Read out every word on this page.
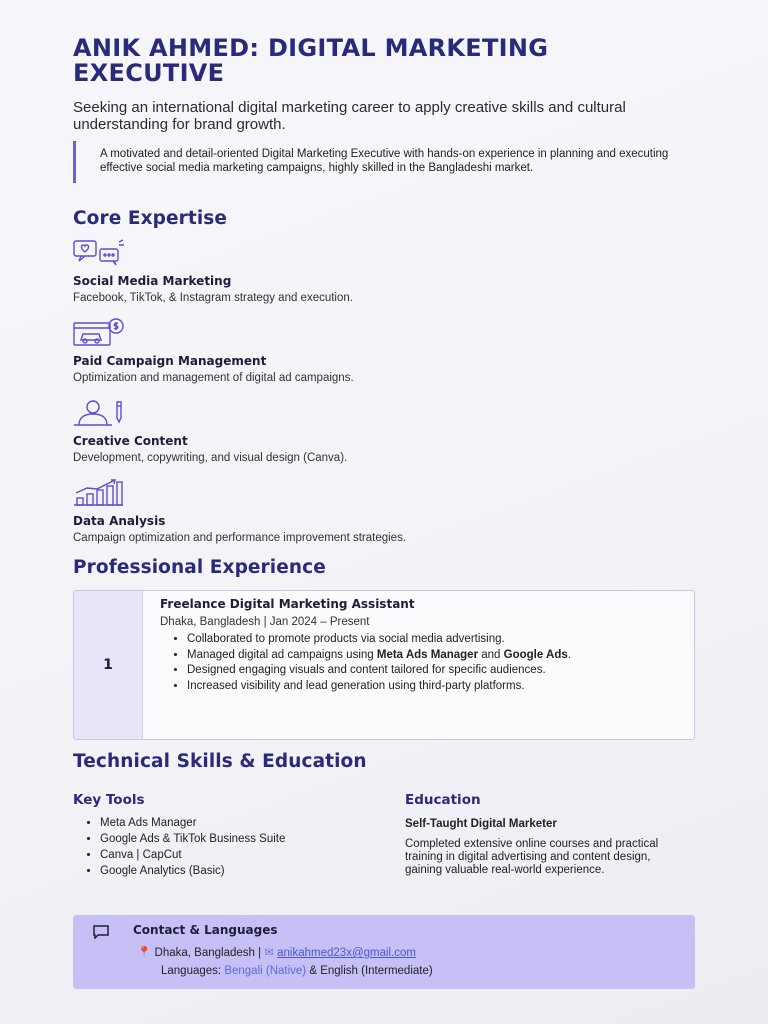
ANIK AHMED: DIGITAL MARKETING EXECUTIVE

Seeking an international digital marketing career to apply creative skills and cultural understanding for brand growth.

A motivated and detail-oriented Digital Marketing Executive with hands-on experience in planning and executing effective social media marketing campaigns, highly skilled in the Bangladeshi market.
Core Expertise
Social Media Marketing
Facebook, TikTok, & Instagram strategy and execution.
Paid Campaign Management
Optimization and management of digital ad campaigns.
Creative Content
Development, copywriting, and visual design (Canva).
Data Analysis
Campaign optimization and performance improvement strategies.
Professional Experience
1
Freelance Digital Marketing Assistant
Dhaka, Bangladesh | Jan 2024 – Present
• Collaborated to promote products via social media advertising.
• Managed digital ad campaigns using Meta Ads Manager and Google Ads.
• Designed engaging visuals and content tailored for specific audiences.
• Increased visibility and lead generation using third-party platforms.
Technical Skills & Education
Key Tools
• Meta Ads Manager
• Google Ads & TikTok Business Suite
• Canva | CapCut
• Google Analytics (Basic)
Education
Self-Taught Digital Marketer
Completed extensive online courses and practical training in digital advertising and content design, gaining valuable real-world experience.
Contact & Languages
📍 Dhaka, Bangladesh | ✉ anikahmed23x@gmail.com
Languages: Bengali (Native) & English (Intermediate)
